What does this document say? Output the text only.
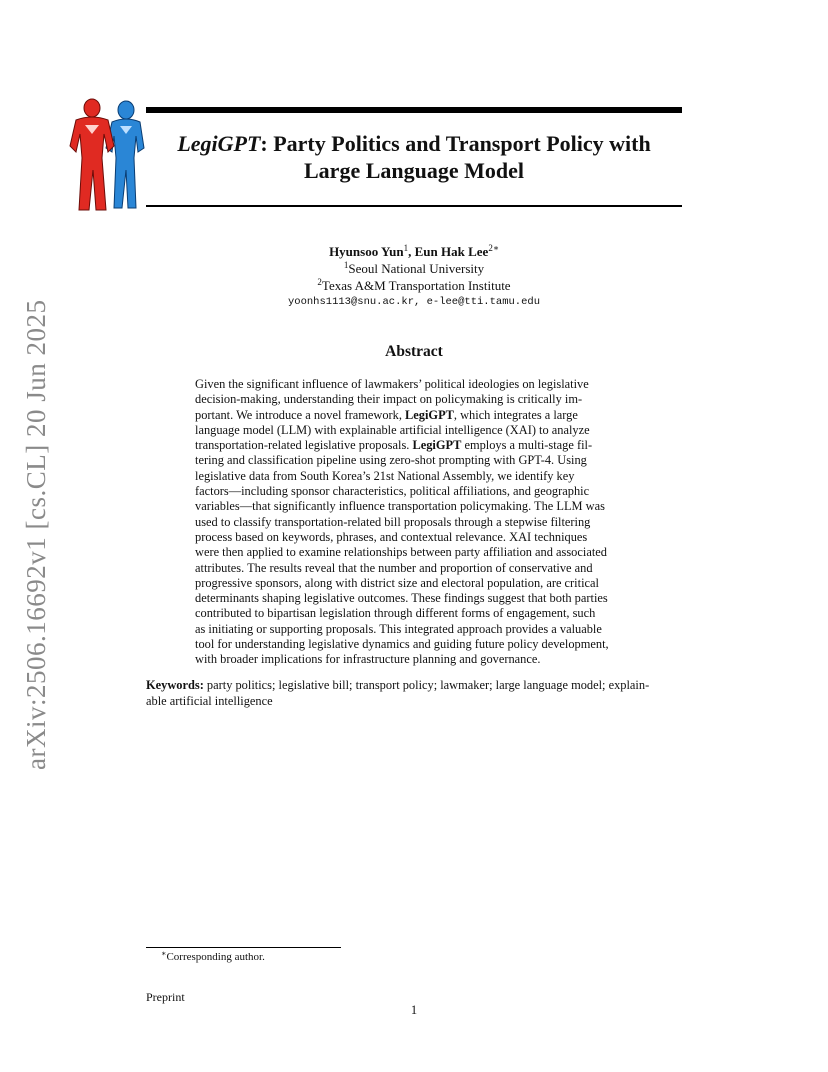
arXiv:2506.16692v1 [cs.CL] 20 Jun 2025
LegiGPT: Party Politics and Transport Policy with
Large Language Model
Hyunsoo Yun$^1$, Eun Hak Lee$^{2∗}$
$^1$Seoul National University
$^2$Texas A&M Transportation Institute
yoonhs1113@snu.ac.kr, e-lee@tti.tamu.edu
Abstract
Given the significant influence of lawmakers’ political ideologies on legislative
decision-making, understanding their impact on policymaking is critically im-
portant. We introduce a novel framework, LegiGPT, which integrates a large
language model (LLM) with explainable artificial intelligence (XAI) to analyze
transportation-related legislative proposals. LegiGPT employs a multi-stage fil-
tering and classification pipeline using zero-shot prompting with GPT-4. Using
legislative data from South Korea’s 21st National Assembly, we identify key
factors—including sponsor characteristics, political affiliations, and geographic
variables—that significantly influence transportation policymaking. The LLM was
used to classify transportation-related bill proposals through a stepwise filtering
process based on keywords, phrases, and contextual relevance. XAI techniques
were then applied to examine relationships between party affiliation and associated
attributes. The results reveal that the number and proportion of conservative and
progressive sponsors, along with district size and electoral population, are critical
determinants shaping legislative outcomes. These findings suggest that both parties
contributed to bipartisan legislation through different forms of engagement, such
as initiating or supporting proposals. This integrated approach provides a valuable
tool for understanding legislative dynamics and guiding future policy development,
with broader implications for infrastructure planning and governance.
Keywords: party politics; legislative bill; transport policy; lawmaker; large language model; explain-
able artificial intelligence
∗Corresponding author.
Preprint
1
